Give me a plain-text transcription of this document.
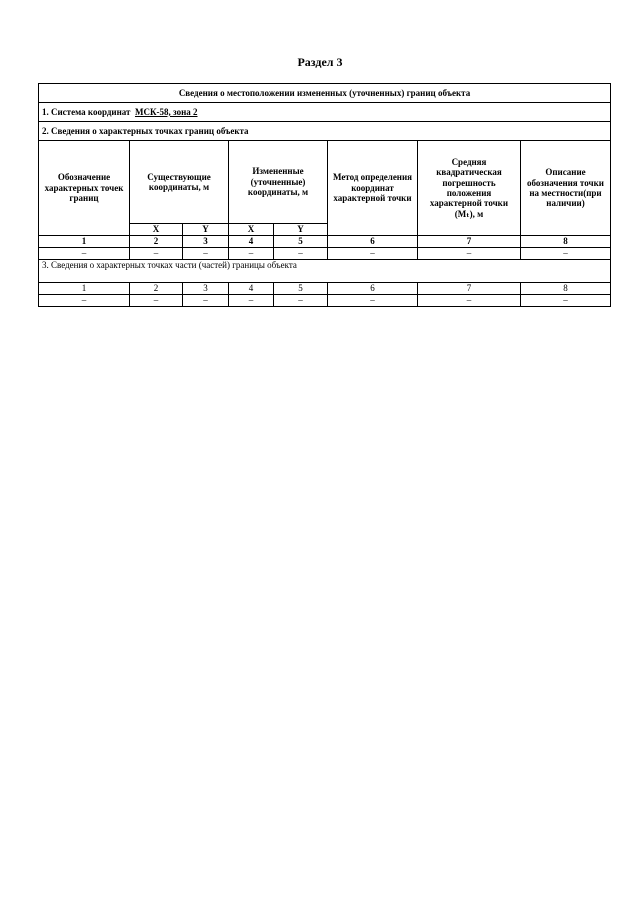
Раздел 3
Сведения о местоположении измененных (уточненных) границ объекта							
1. Система координат МСК-58, зона 2							
2. Сведения о характерных точках границ объекта							
Обозначение характерных точек границ	Существующие координаты, м		Измененные (уточненные) координаты, м		Метод определения координат характерной точки	Средняя квадратическая погрешность положения характерной точки (Mₜ), м	Описание обозначения точки на местности(при наличии)
	X	Y	X	Y			
1	2	3	4	5	6	7	8
–	–	–	–	–	–	–	–
3. Сведения о характерных точках части (частей) границы объекта							
1	2	3	4	5	6	7	8
–	–	–	–	–	–	–	–
